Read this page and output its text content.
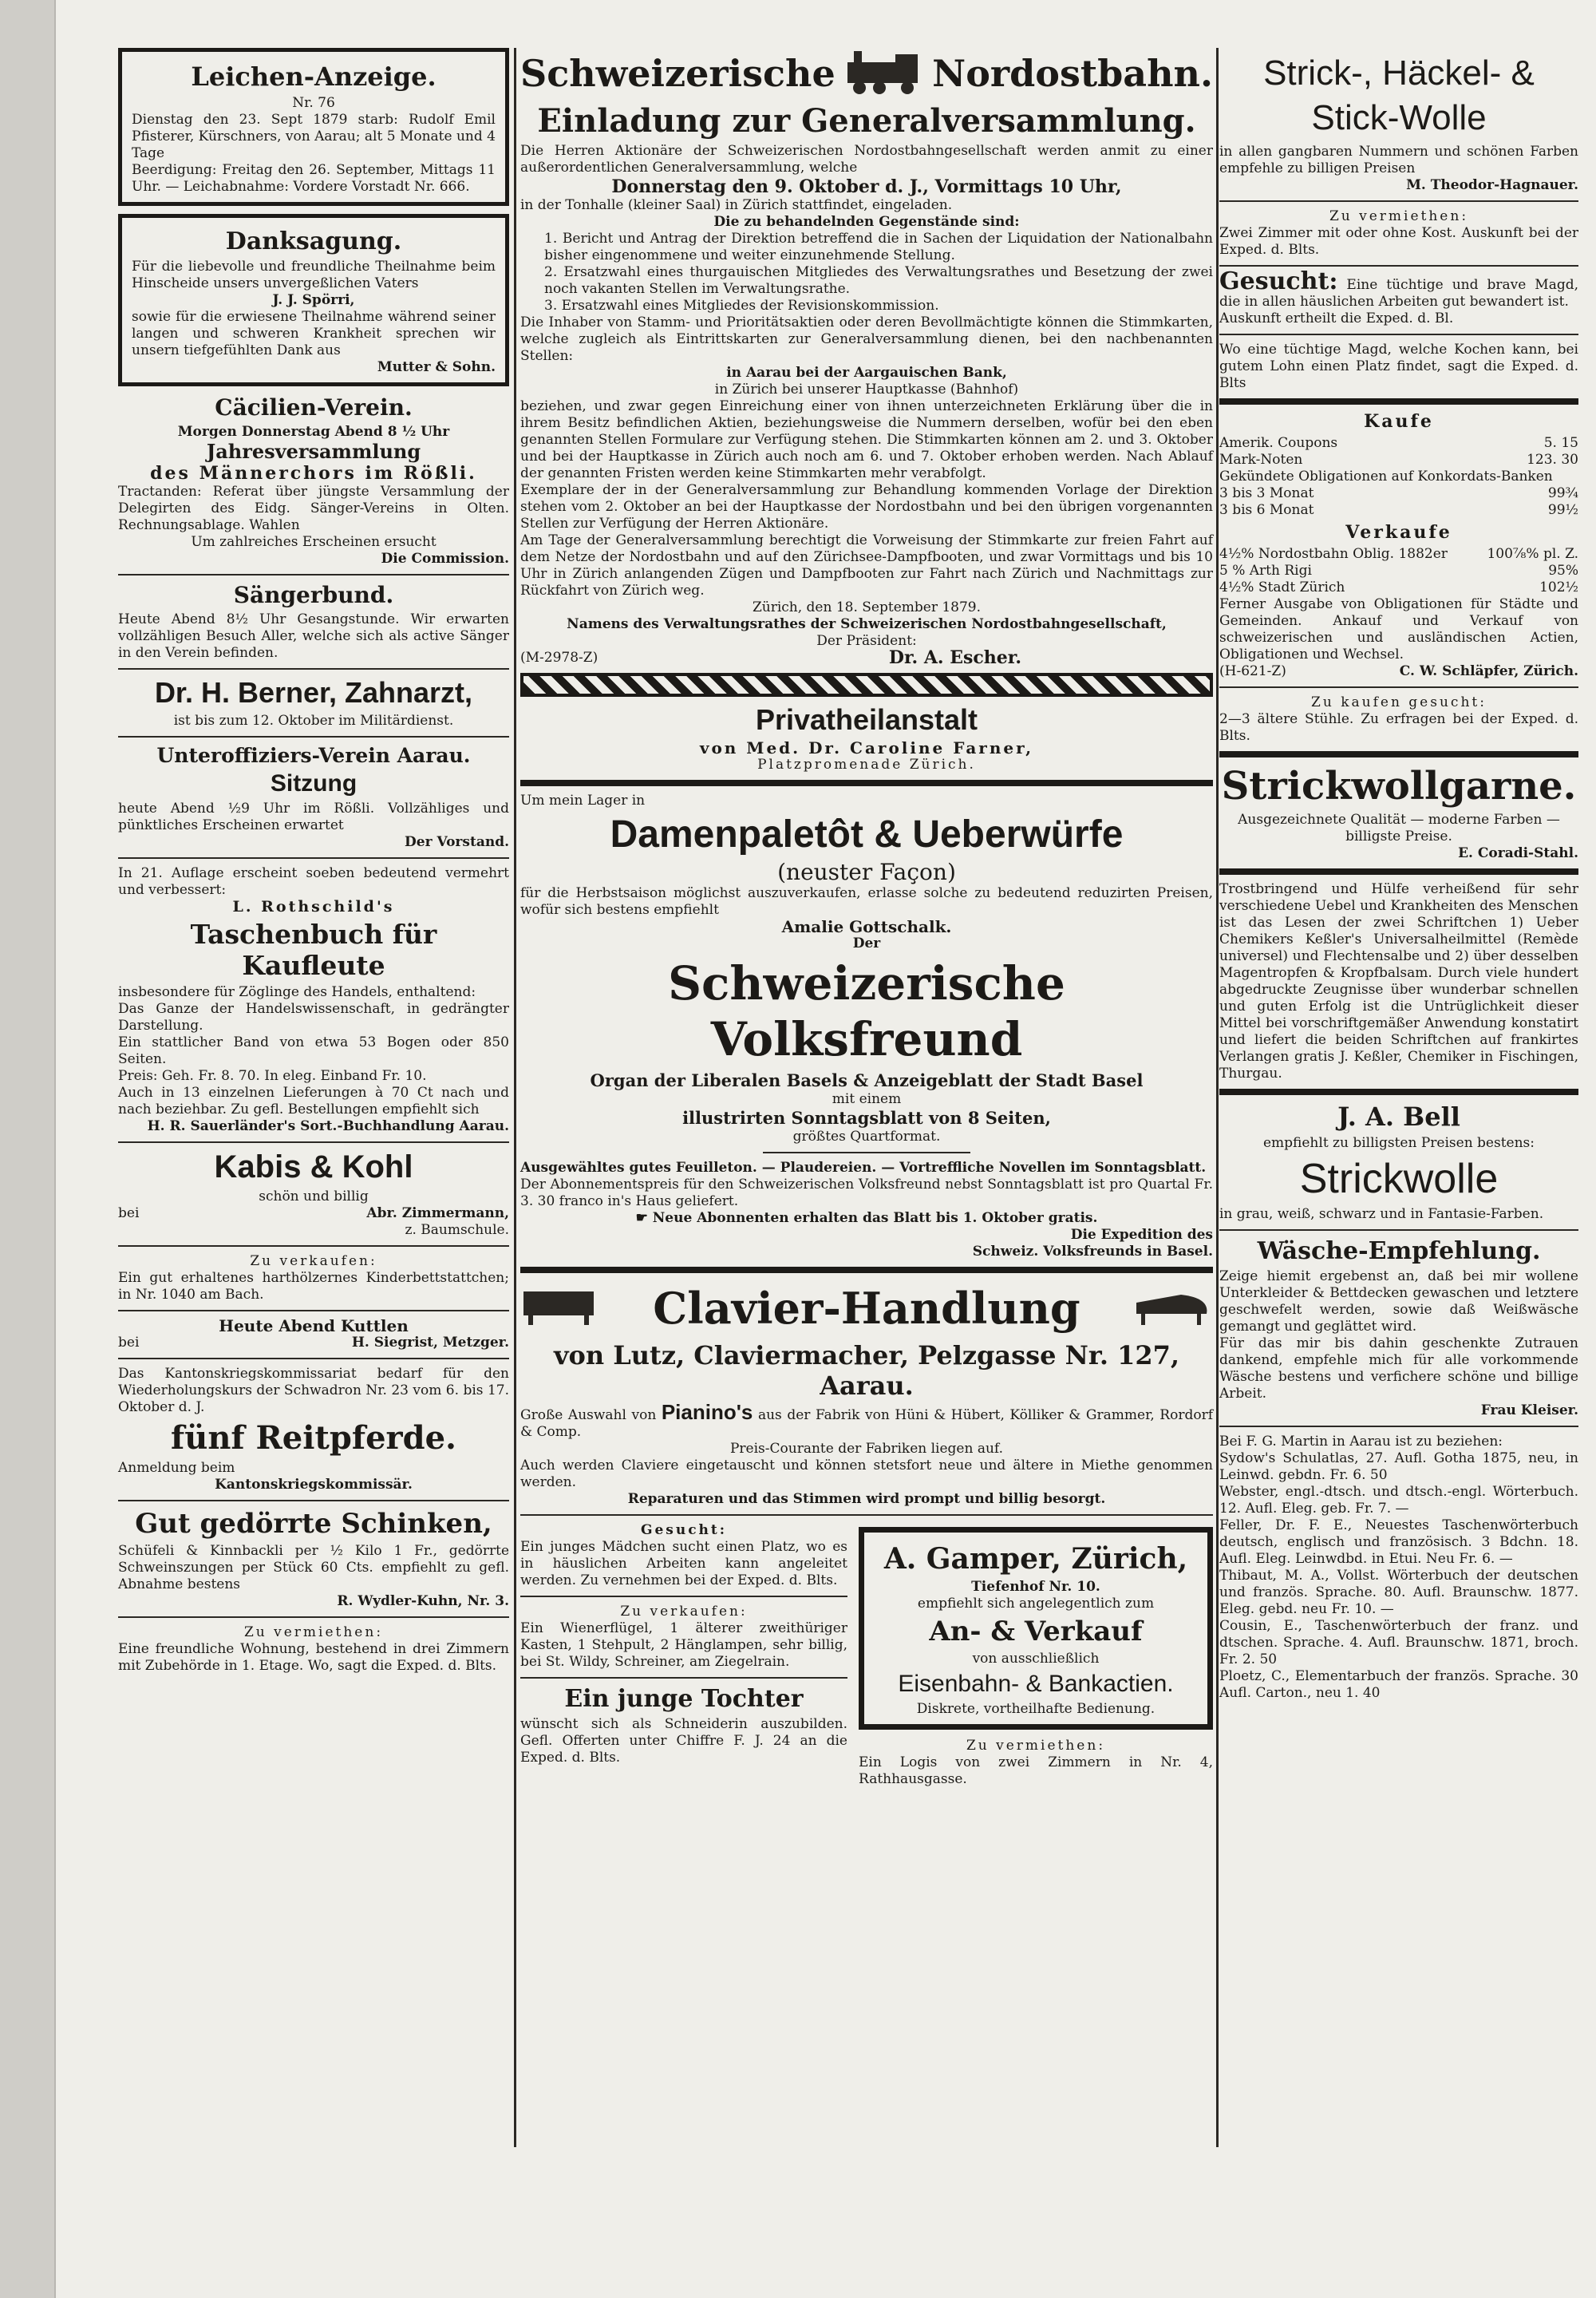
Leichen-Anzeige.

Nr. 76

Dienstag den 23. Sept 1879 starb: Rudolf Emil Pfisterer, Kürschners, von Aarau; alt 5 Monate und 4 Tage

Beerdigung: Freitag den 26. September, Mittags 11 Uhr. — Leichabnahme: Vordere Vorstadt Nr. 666.

Danksagung.

Für die liebevolle und freundliche Theilnahme beim Hinscheide unsers unvergeßlichen Vaters

J. J. Spörri,

sowie für die erwiesene Theilnahme während seiner langen und schweren Krankheit sprechen wir unsern tiefgefühlten Dank aus

Mutter & Sohn.

Cäcilien-Verein.

Morgen Donnerstag Abend 8 ½ Uhr

Jahresversammlung

des Männerchors im Rößli.

Tractanden: Referat über jüngste Versammlung der Delegirten des Eidg. Sänger-Vereins in Olten. Rechnungsablage. Wahlen

Um zahlreiches Erscheinen ersucht

Die Commission.

Sängerbund.

Heute Abend 8½ Uhr Gesangstunde. Wir erwarten vollzähligen Besuch Aller, welche sich als active Sänger in den Verein befinden.

Dr. H. Berner, Zahnarzt,

ist bis zum 12. Oktober im Militärdienst.

Unteroffiziers-Verein Aarau.
Sitzung

heute Abend ½9 Uhr im Rößli. Vollzähliges und pünktliches Erscheinen erwartet

Der Vorstand.

In 21. Auflage erscheint soeben bedeutend vermehrt und verbessert:

L. Rothschild's

Taschenbuch für Kaufleute

insbesondere für Zöglinge des Handels, enthaltend:

Das Ganze der Handelswissenschaft, in gedrängter Darstellung.

Ein stattlicher Band von etwa 53 Bogen oder 850 Seiten.

Preis: Geh. Fr. 8. 70. In eleg. Einband Fr. 10.

Auch in 13 einzelnen Lieferungen à 70 Ct nach und nach beziehbar. Zu gefl. Bestellungen empfiehlt sich

H. R. Sauerländer's Sort.-Buchhandlung Aarau.

Kabis & Kohl

schön und billig

bei	Abr. Zimmermann,

z. Baumschule.

Zu verkaufen:

Ein gut erhaltenes harthölzernes Kinderbettstattchen; in Nr. 1040 am Bach.

Heute Abend Kuttlen

bei	H. Siegrist, Metzger.

Das Kantonskriegskommissariat bedarf für den Wiederholungskurs der Schwadron Nr. 23 vom 6. bis 17. Oktober d. J.

fünf Reitpferde.

Anmeldung beim

Kantonskriegskommissär.

Gut gedörrte Schinken,

Schüfeli & Kinnbackli per ½ Kilo 1 Fr., gedörrte Schweinszungen per Stück 60 Cts. empfiehlt zu gefl. Abnahme bestens

R. Wydler-Kuhn, Nr. 3.

Zu vermiethen:

Eine freundliche Wohnung, bestehend in drei Zimmern mit Zubehörde in 1. Etage. Wo, sagt die Exped. d. Blts.

Schweizerische	Nordostbahn.
Einladung zur Generalversammlung.

Die Herren Aktionäre der Schweizerischen Nordostbahngesellschaft werden anmit zu einer außerordentlichen Generalversammlung, welche

Donnerstag den 9. Oktober d. J., Vormittags 10 Uhr,

in der Tonhalle (kleiner Saal) in Zürich stattfindet, eingeladen.

Die zu behandelnden Gegenstände sind:

1. Bericht und Antrag der Direktion betreffend die in Sachen der Liquidation der Nationalbahn bisher eingenommene und weiter einzunehmende Stellung.

2. Ersatzwahl eines thurgauischen Mitgliedes des Verwaltungsrathes und Besetzung der zwei noch vakanten Stellen im Verwaltungsrathe.

3. Ersatzwahl eines Mitgliedes der Revisionskommission.

Die Inhaber von Stamm- und Prioritätsaktien oder deren Bevollmächtigte können die Stimmkarten, welche zugleich als Eintrittskarten zur Generalversammlung dienen, bei den nachbenannten Stellen:

in Aarau bei der Aargauischen Bank,

in Zürich bei unserer Hauptkasse (Bahnhof)

beziehen, und zwar gegen Einreichung einer von ihnen unterzeichneten Erklärung über die in ihrem Besitz befindlichen Aktien, beziehungsweise die Nummern derselben, wofür bei den eben genannten Stellen Formulare zur Verfügung stehen. Die Stimmkarten können am 2. und 3. Oktober und bei der Hauptkasse in Zürich auch noch am 6. und 7. Oktober erhoben werden. Nach Ablauf der genannten Fristen werden keine Stimmkarten mehr verabfolgt.

Exemplare der in der Generalversammlung zur Behandlung kommenden Vorlage der Direktion stehen vom 2. Oktober an bei der Hauptkasse der Nordostbahn und bei den übrigen vorgenannten Stellen zur Verfügung der Herren Aktionäre.

Am Tage der Generalversammlung berechtigt die Vorweisung der Stimmkarte zur freien Fahrt auf dem Netze der Nordostbahn und auf den Zürichsee-Dampfbooten, und zwar Vormittags und bis 10 Uhr in Zürich anlangenden Zügen und Dampfbooten zur Fahrt nach Zürich und Nachmittags zur Rückfahrt von Zürich weg.

Zürich, den 18. September 1879.

Namens des Verwaltungsrathes der Schweizerischen Nordostbahngesellschaft,

Der Präsident:

(M-2978-Z)	Dr. A. Escher.
Privatheilanstalt

von Med. Dr. Caroline Farner,

Platzpromenade Zürich.

Um mein Lager in

Damenpaletôt & Ueberwürfe

(neuster Façon)

für die Herbstsaison möglichst auszuverkaufen, erlasse solche zu bedeutend reduzirten Preisen, wofür sich bestens empfiehlt

Amalie Gottschalk.

Der

Schweizerische Volksfreund

Organ der Liberalen Basels & Anzeigeblatt der Stadt Basel

mit einem

illustrirten Sonntagsblatt von 8 Seiten,

größtes Quartformat.

Ausgewähltes gutes Feuilleton. — Plaudereien. — Vortreffliche Novellen im Sonntagsblatt.

Der Abonnementspreis für den Schweizerischen Volksfreund nebst Sonntagsblatt ist pro Quartal Fr. 3. 30 franco in's Haus geliefert.

☛ Neue Abonnenten erhalten das Blatt bis 1. Oktober gratis.

Die Expedition des

Schweiz. Volksfreunds in Basel.

Clavier-Handlung
von Lutz, Claviermacher, Pelzgasse Nr. 127, Aarau.

Große Auswahl von Pianino's aus der Fabrik von Hüni & Hübert, Kölliker & Grammer, Rordorf & Comp.

Preis-Courante der Fabriken liegen auf.

Auch werden Claviere eingetauscht und können stetsfort neue und ältere in Miethe genommen werden.

Reparaturen und das Stimmen wird prompt und billig besorgt.

Gesucht:

Ein junges Mädchen sucht einen Platz, wo es in häuslichen Arbeiten kann angeleitet werden. Zu vernehmen bei der Exped. d. Blts.

Zu verkaufen:

Ein Wienerflügel, 1 älterer zweithüriger Kasten, 1 Stehpult, 2 Hänglampen, sehr billig, bei St. Wildy, Schreiner, am Ziegelrain.

Ein junge Tochter

wünscht sich als Schneiderin auszubilden. Gefl. Offerten unter Chiffre F. J. 24 an die Exped. d. Blts.

A. Gamper, Zürich,

Tiefenhof Nr. 10.

empfiehlt sich angelegentlich zum

An- & Verkauf

von ausschließlich

Eisenbahn- & Bankactien.

Diskrete, vortheilhafte Bedienung.

Zu vermiethen:

Ein Logis von zwei Zimmern in Nr. 4, Rathhausgasse.

Strick-, Häckel- & Stick-Wolle

in allen gangbaren Nummern und schönen Farben empfehle zu billigen Preisen

M. Theodor-Hagnauer.

Zu vermiethen:

Zwei Zimmer mit oder ohne Kost. Auskunft bei der Exped. d. Blts.

Gesucht: Eine tüchtige und brave Magd, die in allen häuslichen Arbeiten gut bewandert ist.

Auskunft ertheilt die Exped. d. Bl.

Wo eine tüchtige Magd, welche Kochen kann, bei gutem Lohn einen Platz findet, sagt die Exped. d. Blts

Kaufe
Amerik. Coupons	5. 15
Mark-Noten	123. 30

Gekündete Obligationen auf Konkordats-Banken

3 bis 3 Monat	99¾
3 bis 6 Monat	99½
Verkaufe
4½% Nordostbahn Oblig. 1882er	100⅞% pl. Z.
5 % Arth Rigi	95%
4½% Stadt Zürich	102½

Ferner Ausgabe von Obligationen für Städte und Gemeinden. Ankauf und Verkauf von schweizerischen und ausländischen Actien, Obligationen und Wechsel.

(H-621-Z)	C. W. Schläpfer, Zürich.

Zu kaufen gesucht:

2—3 ältere Stühle. Zu erfragen bei der Exped. d. Blts.

Strickwollgarne.

Ausgezeichnete Qualität — moderne Farben — billigste Preise.

E. Coradi-Stahl.

Trostbringend und Hülfe verheißend für sehr verschiedene Uebel und Krankheiten des Menschen ist das Lesen der zwei Schriftchen 1) Ueber Chemikers Keßler's Universalheilmittel (Remède universel) und Flechtensalbe und 2) über desselben Magentropfen & Kropfbalsam. Durch viele hundert abgedruckte Zeugnisse über wunderbar schnellen und guten Erfolg ist die Untrüglichkeit dieser Mittel bei vorschriftgemäßer Anwendung konstatirt und liefert die beiden Schriftchen auf frankirtes Verlangen gratis J. Keßler, Chemiker in Fischingen, Thurgau.

J. A. Bell

empfiehlt zu billigsten Preisen bestens:

Strickwolle

in grau, weiß, schwarz und in Fantasie-Farben.

Wäsche-Empfehlung.

Zeige hiemit ergebenst an, daß bei mir wollene Unterkleider & Bettdecken gewaschen und letztere geschwefelt werden, sowie daß Weißwäsche gemangt und geglättet wird.

Für das mir bis dahin geschenkte Zutrauen dankend, empfehle mich für alle vorkommende Wäsche bestens und verfichere schöne und billige Arbeit.

Frau Kleiser.

Bei F. G. Martin in Aarau ist zu beziehen:

Sydow's Schulatlas, 27. Aufl. Gotha 1875, neu, in Leinwd. gebdn. Fr. 6. 50

Webster, engl.-dtsch. und dtsch.-engl. Wörterbuch. 12. Aufl. Eleg. geb. Fr. 7. —

Feller, Dr. F. E., Neuestes Taschenwörterbuch deutsch, englisch und französisch. 3 Bdchn. 18. Aufl. Eleg. Leinwdbd. in Etui. Neu Fr. 6. —

Thibaut, M. A., Vollst. Wörterbuch der deutschen und französ. Sprache. 80. Aufl. Braunschw. 1877. Eleg. gebd. neu Fr. 10. —

Cousin, E., Taschenwörterbuch der franz. und dtschen. Sprache. 4. Aufl. Braunschw. 1871, broch. Fr. 2. 50

Ploetz, C., Elementarbuch der französ. Sprache. 30 Aufl. Carton., neu 1. 40
